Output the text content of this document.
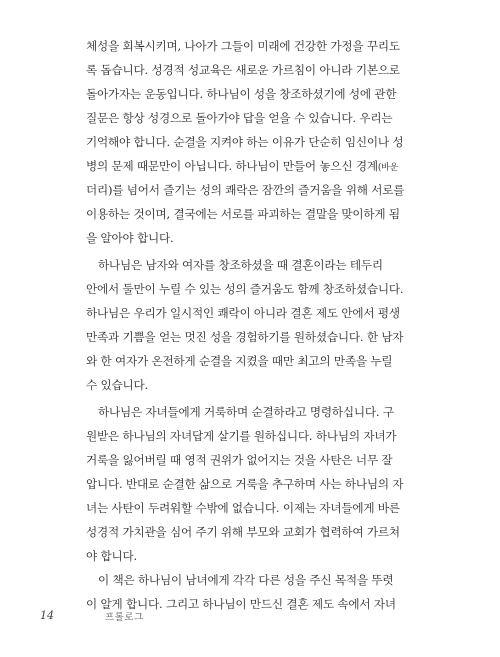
체성을 회복시키며, 나아가 그들이 미래에 건강한 가정을 꾸리도
록 돕습니다. 성경적 성교육은 새로운 가르침이 아니라 기본으로
돌아가자는 운동입니다. 하나님이 성을 창조하셨기에 성에 관한
질문은 항상 성경으로 돌아가야 답을 얻을 수 있습니다. 우리는
기억해야 합니다. 순결을 지켜야 하는 이유가 단순히 임신이나 성
병의 문제 때문만이 아닙니다. 하나님이 만들어 놓으신 경계(바운
더리)를 넘어서 즐기는 성의 쾌락은 잠깐의 즐거움을 위해 서로를
이용하는 것이며, 결국에는 서로를 파괴하는 결말을 맞이하게 됨
을 알아야 합니다.
하나님은 남자와 여자를 창조하셨을 때 결혼이라는 테두리
안에서 둘만이 누릴 수 있는 성의 즐거움도 함께 창조하셨습니다.
하나님은 우리가 일시적인 쾌락이 아니라 결혼 제도 안에서 평생
만족과 기쁨을 얻는 멋진 성을 경험하기를 원하셨습니다. 한 남자
와 한 여자가 온전하게 순결을 지켰을 때만 최고의 만족을 누릴
수 있습니다.
하나님은 자녀들에게 거룩하며 순결하라고 명령하십니다. 구
원받은 하나님의 자녀답게 살기를 원하십니다. 하나님의 자녀가
거룩을 잃어버릴 때 영적 권위가 없어지는 것을 사탄은 너무 잘
압니다. 반대로 순결한 삶으로 거룩을 추구하며 사는 하나님의 자
녀는 사탄이 두려워할 수밖에 없습니다. 이제는 자녀들에게 바른
성경적 가치관을 심어 주기 위해 부모와 교회가 협력하여 가르쳐
야 합니다.
이 책은 하나님이 남녀에게 각각 다른 성을 주신 목적을 뚜렷
이 알게 합니다. 그리고 하나님이 만드신 결혼 제도 속에서 자녀
14	프롤로그
